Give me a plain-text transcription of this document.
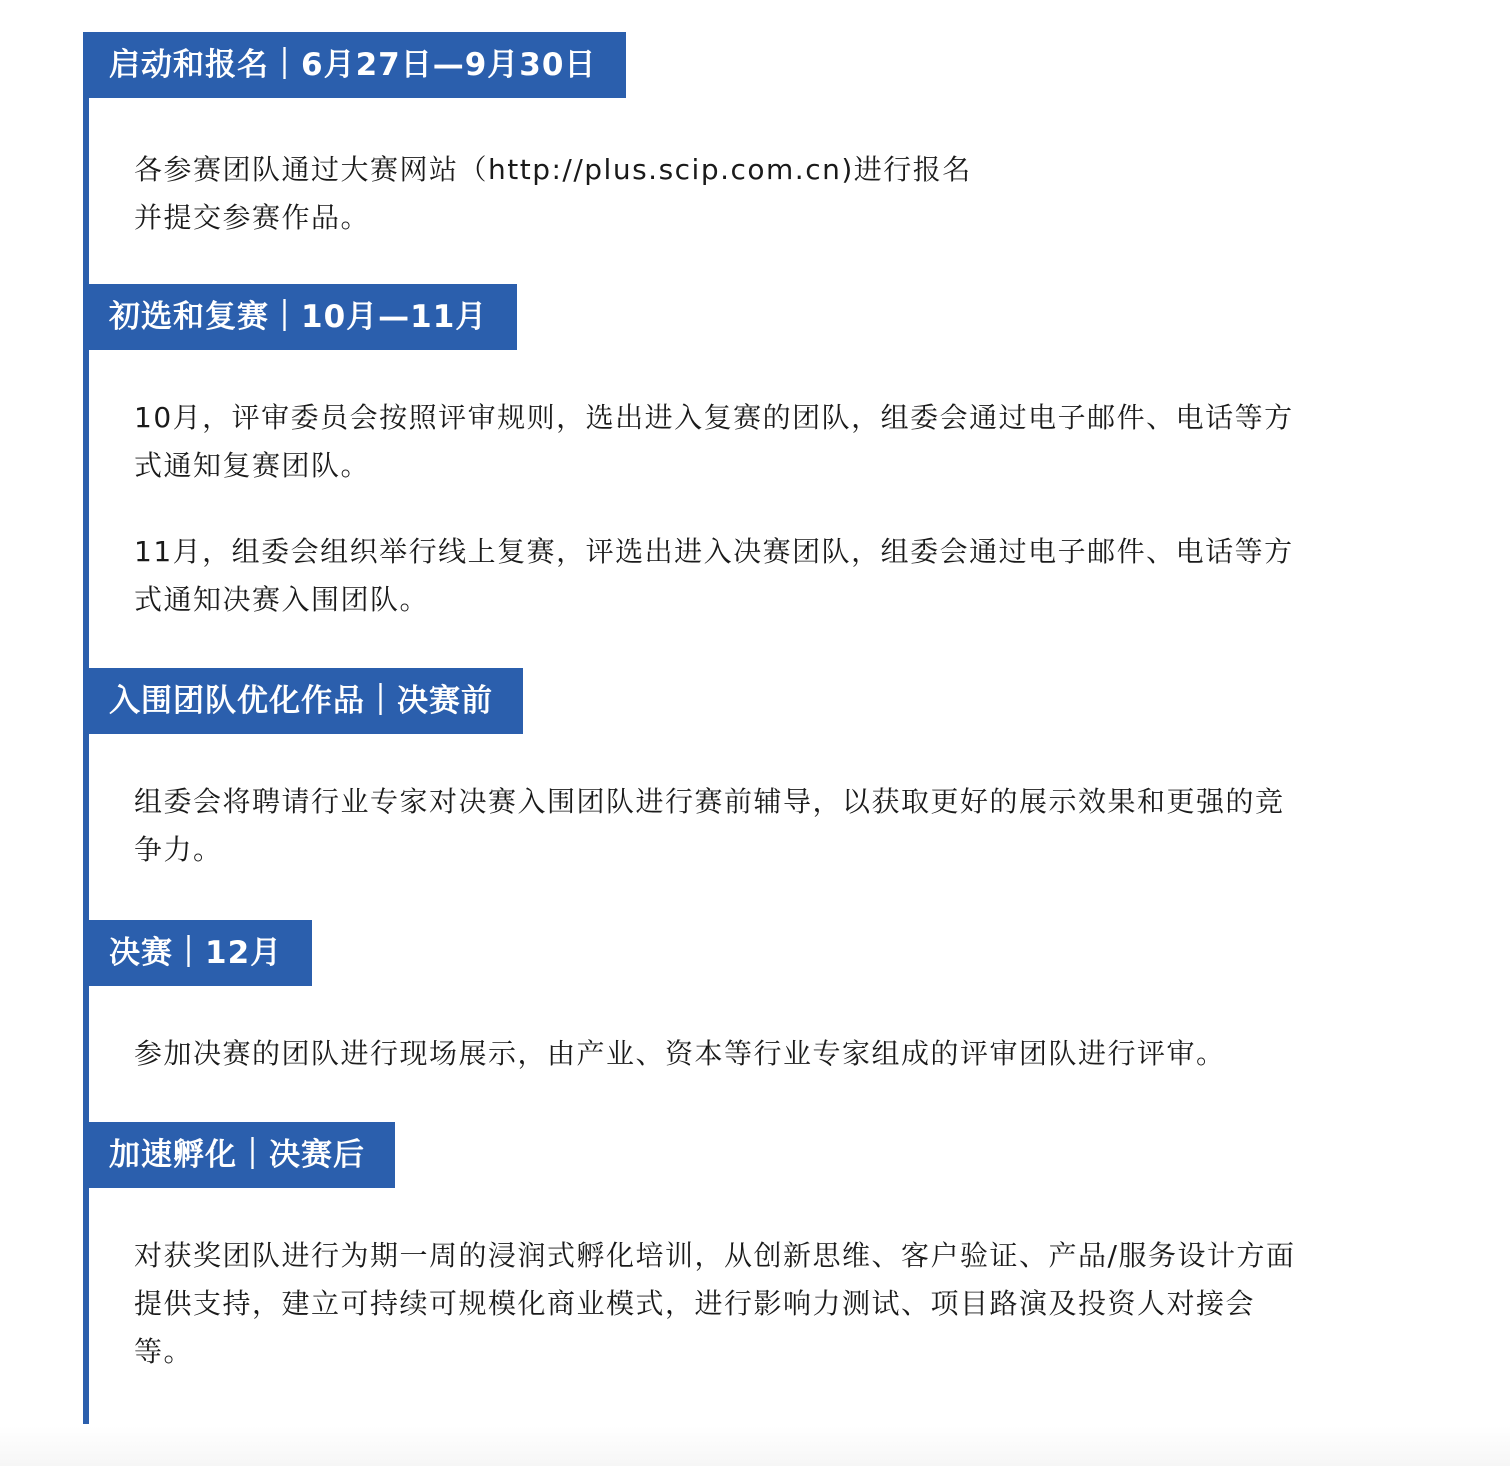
启动和报名｜6月27日—9月30日

各参赛团队通过大赛网站（http://plus.scip.com.cn)进行报名
并提交参赛作品。

初选和复赛｜10月—11月

10月，评审委员会按照评审规则，选出进入复赛的团队，组委会通过电子邮件、电话等方
式通知复赛团队。

11月，组委会组织举行线上复赛，评选出进入决赛团队，组委会通过电子邮件、电话等方
式通知决赛入围团队。

入围团队优化作品｜决赛前

组委会将聘请行业专家对决赛入围团队进行赛前辅导，以获取更好的展示效果和更强的竞
争力。

决赛｜12月

参加决赛的团队进行现场展示，由产业、资本等行业专家组成的评审团队进行评审。

加速孵化｜决赛后

对获奖团队进行为期一周的浸润式孵化培训，从创新思维、客户验证、产品/服务设计方面
提供支持，建立可持续可规模化商业模式，进行影响力测试、项目路演及投资人对接会
等。
